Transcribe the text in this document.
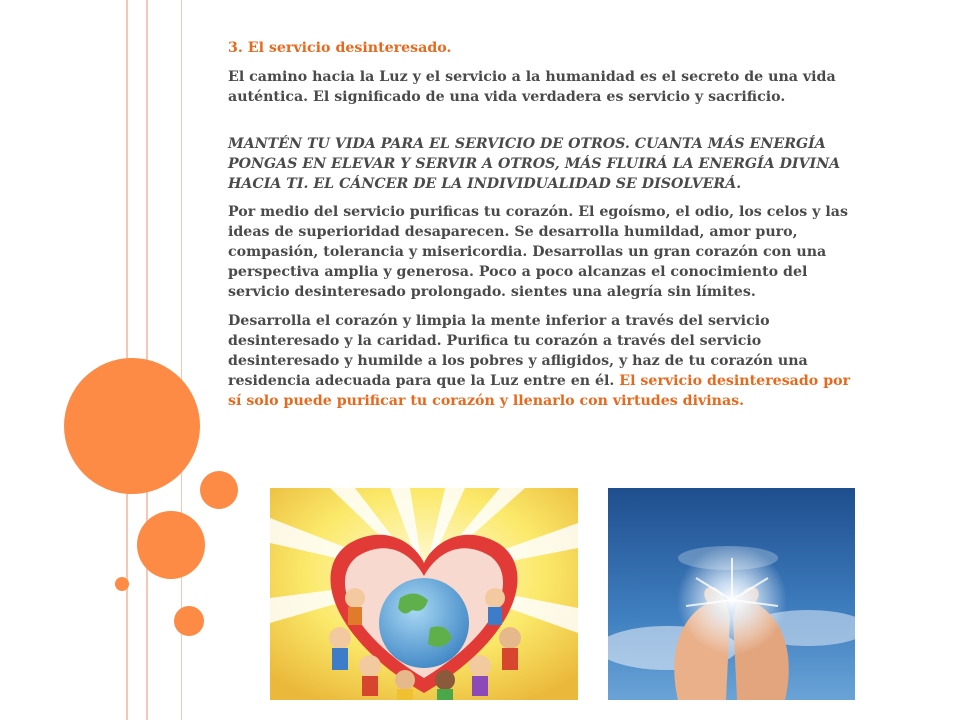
3. El servicio desinteresado.

El camino hacia la Luz y el servicio a la humanidad es el secreto de una vida auténtica. El significado de una vida verdadera es servicio y sacrificio.

MANTÉN TU VIDA PARA EL SERVICIO DE OTROS. CUANTA MÁS ENERGÍA PONGAS EN ELEVAR Y SERVIR A OTROS, MÁS FLUIRÁ LA ENERGÍA DIVINA HACIA TI. EL CÁNCER DE LA INDIVIDUALIDAD SE DISOLVERÁ.

Por medio del servicio purificas tu corazón. El egoísmo, el odio, los celos y las ideas de superioridad desaparecen. Se desarrolla humildad, amor puro, compasión, tolerancia y misericordia. Desarrollas un gran corazón con una perspectiva amplia y generosa. Poco a poco alcanzas el conocimiento del servicio desinteresado prolongado. sientes una alegría sin límites.

Desarrolla el corazón y limpia la mente inferior a través del servicio desinteresado y la caridad. Purifica tu corazón a través del servicio desinteresado y humilde a los pobres y afligidos, y haz de tu corazón una residencia adecuada para que la Luz entre en él. El servicio desinteresado por sí solo puede purificar tu corazón y llenarlo con virtudes divinas.
